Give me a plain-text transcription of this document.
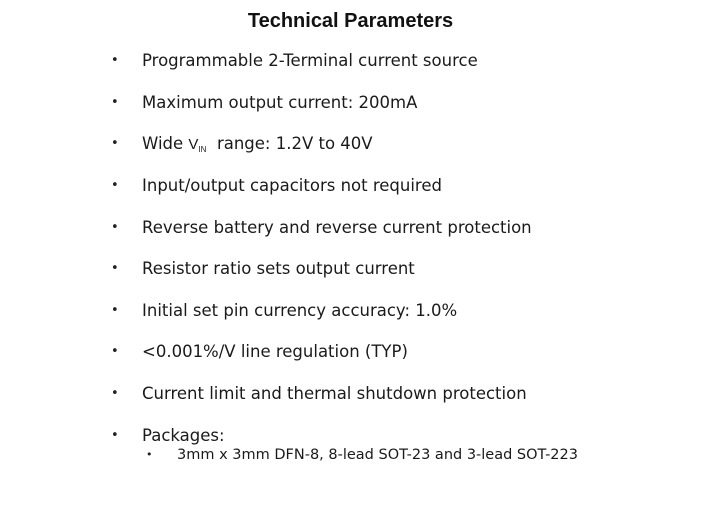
Technical Parameters
• Programmable 2-Terminal current source
• Maximum output current: 200mA
• Wide $V_{IN}$ range: 1.2V to 40V
• Input/output capacitors not required
• Reverse battery and reverse current protection
• Resistor ratio sets output current
• Initial set pin currency accuracy: 1.0%
• <0.001%/V line regulation (TYP)
• Current limit and thermal shutdown protection
• Packages:
• 3mm x 3mm DFN-8, 8-lead SOT-23 and 3-lead SOT-223
